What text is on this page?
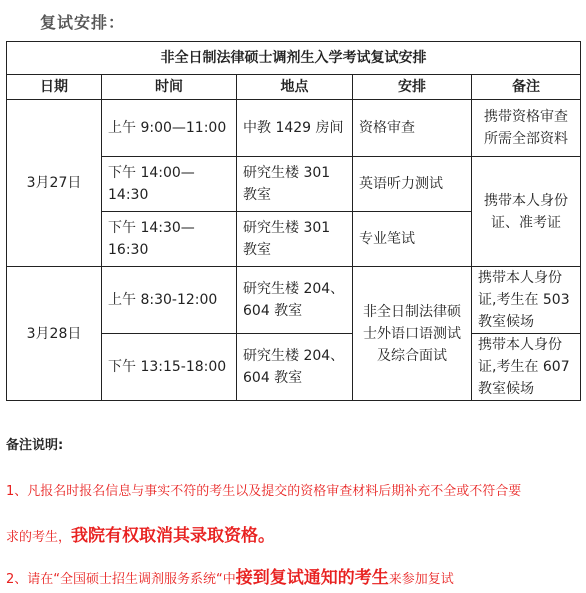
复试安排：
非全日制法律硕士调剂生入学考试复试安排				
日期	时间	地点	安排	备注
3月27日	上午 9:00—11:00	中教 1429 房间	资格审查	携带资格审查所需全部资料
	下午 14:00—14:30	研究生楼 301 教室	英语听力测试	携带本人身份证、准考证
	下午 14:30—16:30	研究生楼 301 教室	专业笔试	
3月28日	上午 8:30-12:00	研究生楼 204、604 教室	非全日制法律硕士外语口语测试及综合面试	携带本人身份证,考生在 503 教室候场
	下午 13:15-18:00	研究生楼 204、604 教室		携带本人身份证,考生在 607 教室候场
备注说明:
1、凡报名时报名信息与事实不符的考生以及提交的资格审查材料后期补充不全或不符合要
求的考生，我院有权取消其录取资格。
2、请在“全国硕士招生调剂服务系统“中接到复试通知的考生来参加复试
